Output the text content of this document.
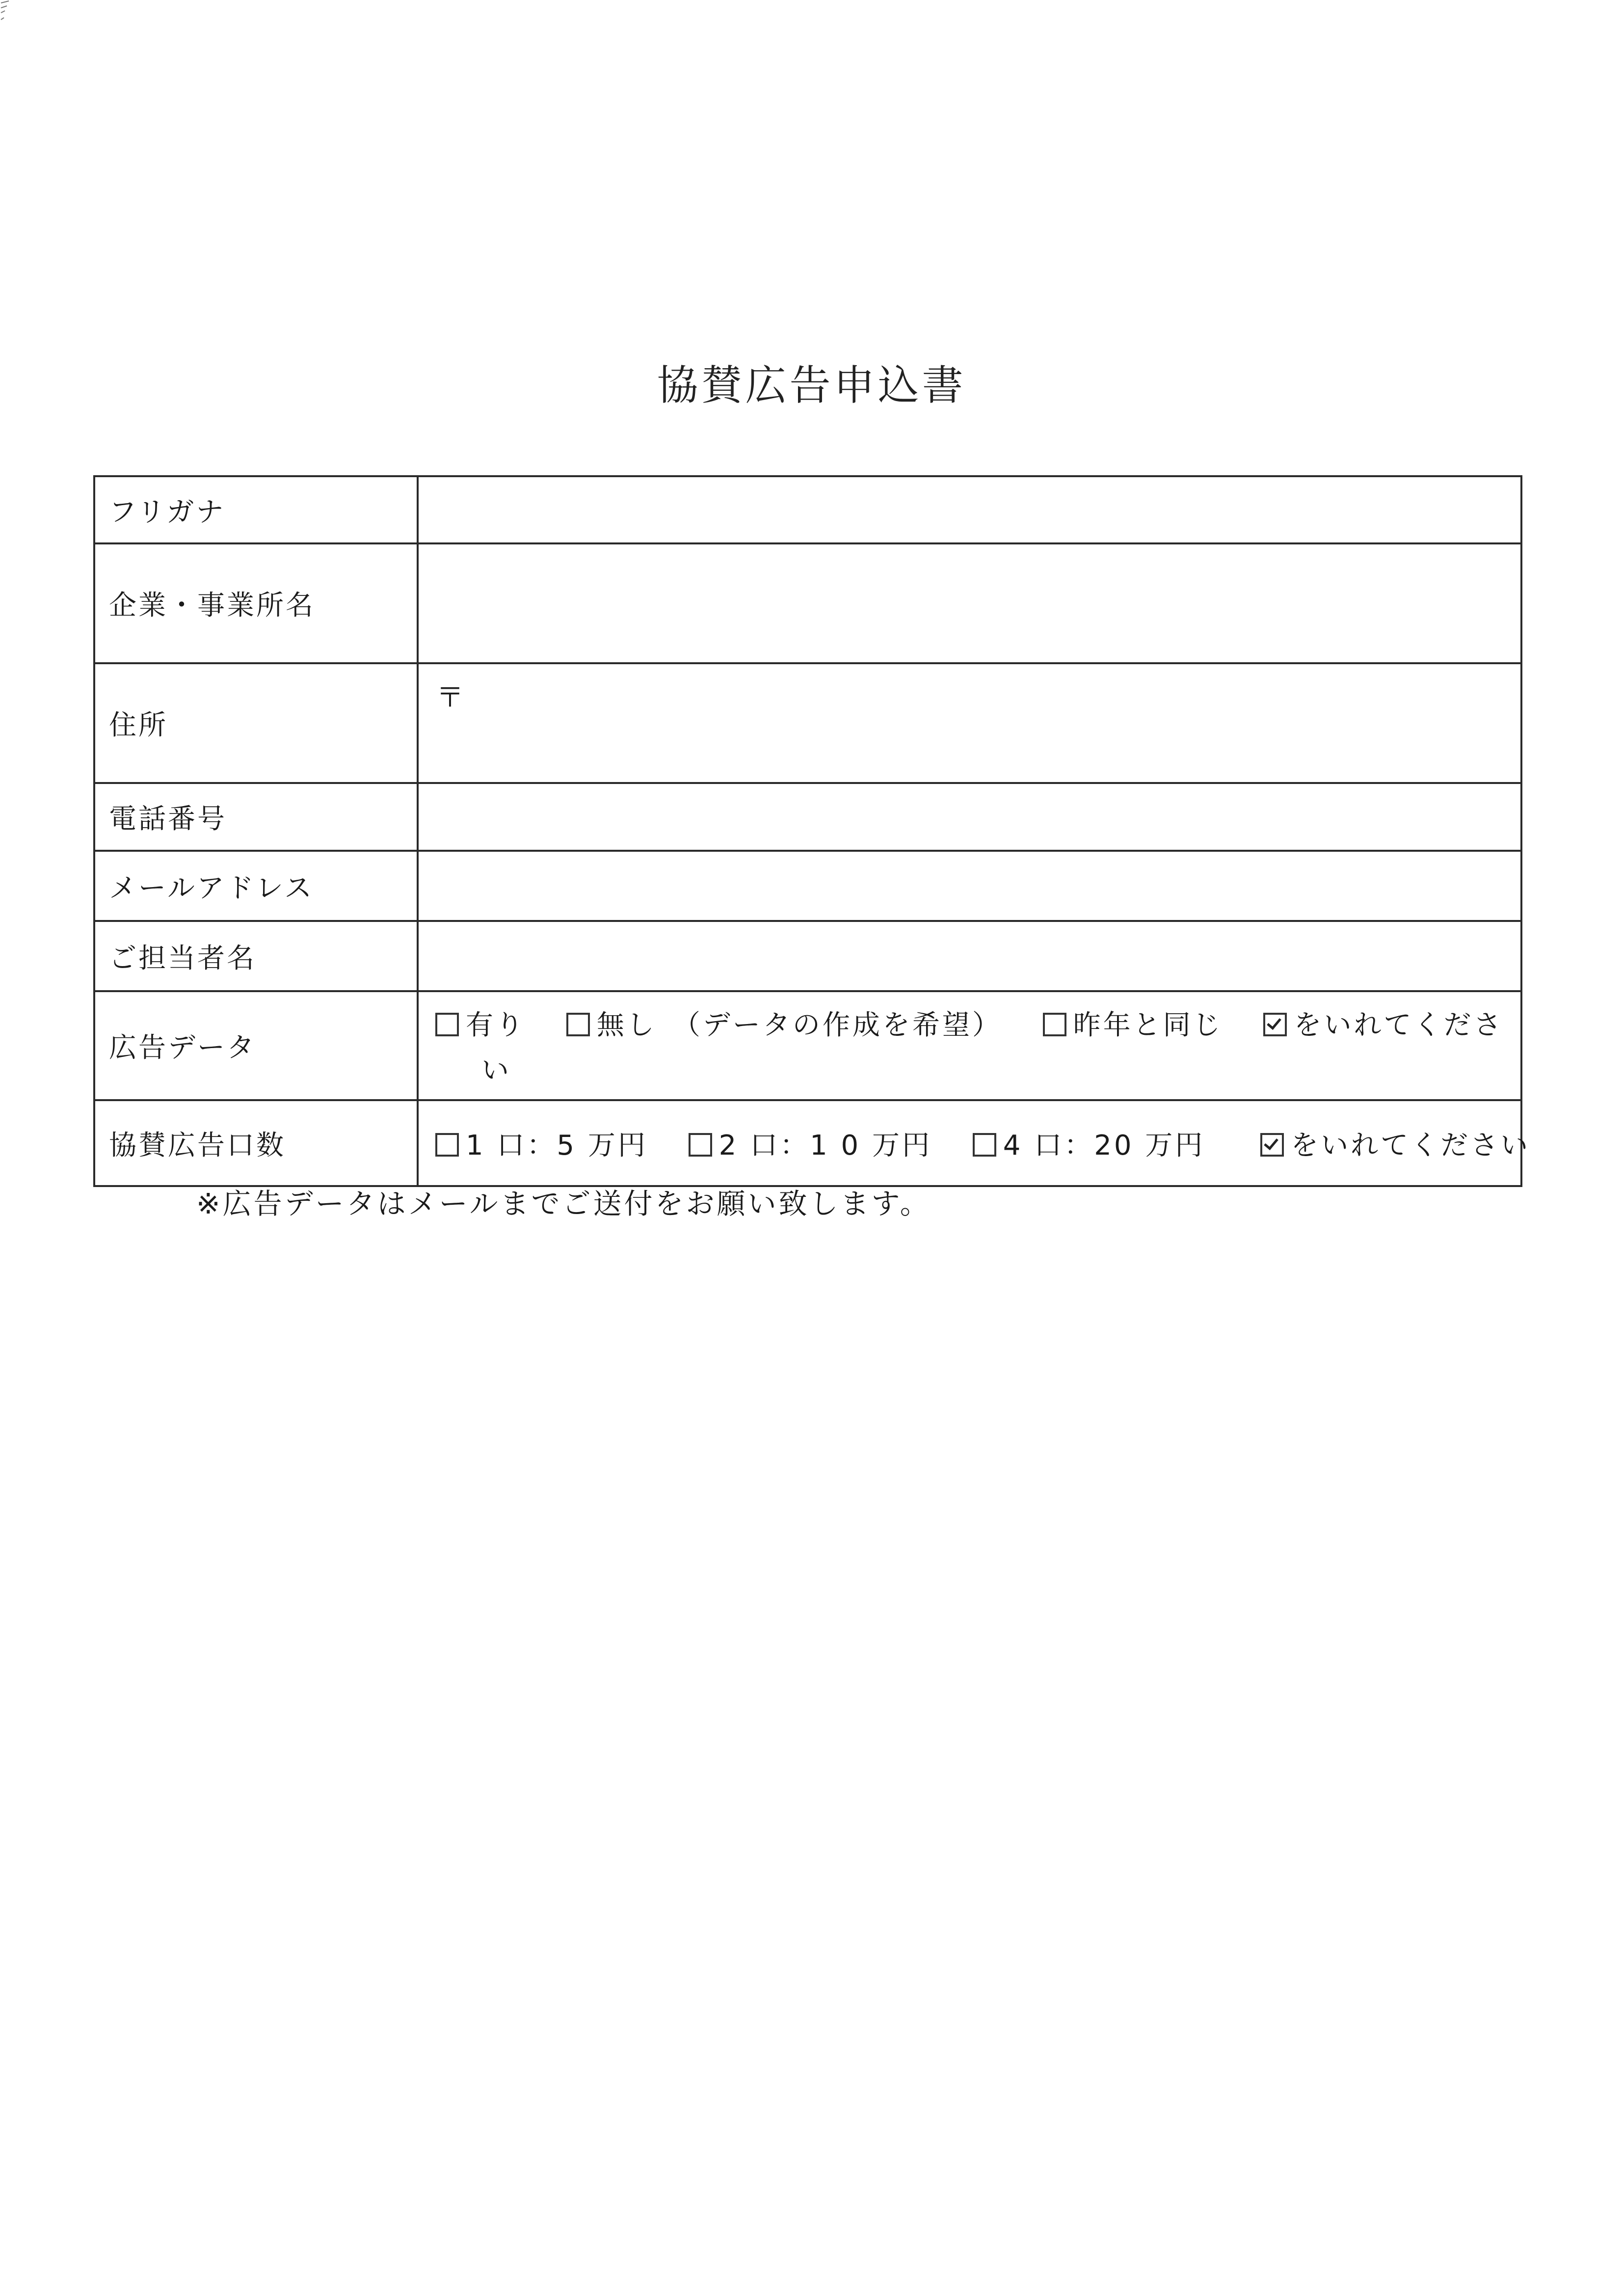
協賛広告申込書
フリガナ	
企業・事業所名	
住所	〒

電話番号	
メールアドレス	
ご担当者名	
広告データ	有り 無し　（データの作成を希望） 昨年と同じ をいれてくださ
い

協賛広告口数	1 口：5 万円 2 口：1 0 万円 4 口：20 万円 をいれてください
※広告データはメールまでご送付をお願い致します。
